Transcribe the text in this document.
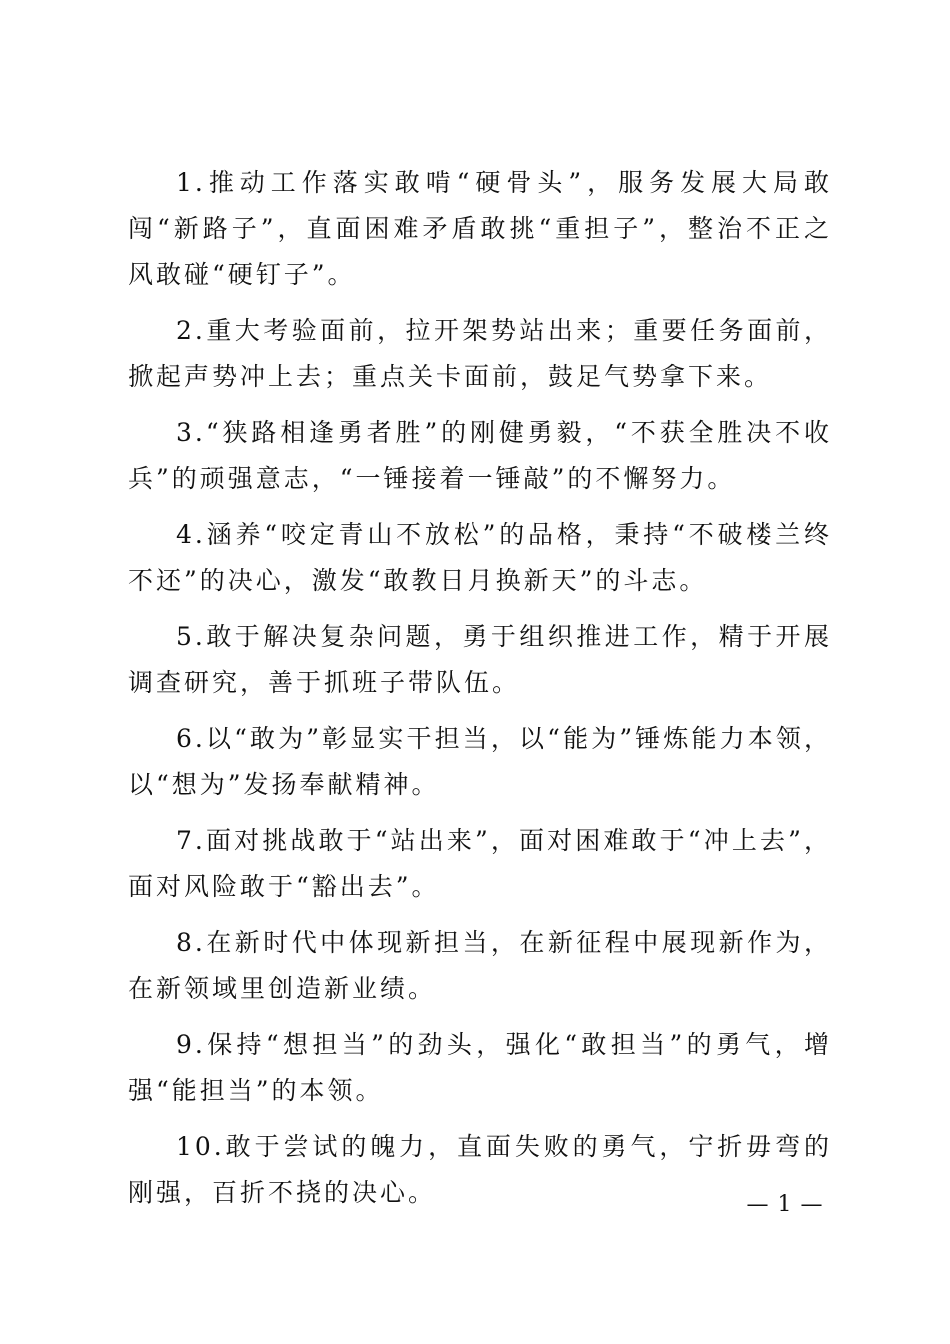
1.推动工作落实敢啃“硬骨头”，服务发展大局敢闯“新路子”，直面困难矛盾敢挑“重担子”，整治不正之风敢碰“硬钉子”。

2.重大考验面前，拉开架势站出来；重要任务面前，掀起声势冲上去；重点关卡面前，鼓足气势拿下来。

3.“狭路相逢勇者胜”的刚健勇毅，“不获全胜决不收兵”的顽强意志，“一锤接着一锤敲”的不懈努力。

4.涵养“咬定青山不放松”的品格，秉持“不破楼兰终不还”的决心，激发“敢教日月换新天”的斗志。

5.敢于解决复杂问题，勇于组织推进工作，精于开展调查研究，善于抓班子带队伍。

6.以“敢为”彰显实干担当，以“能为”锤炼能力本领，以“想为”发扬奉献精神。

7.面对挑战敢于“站出来”，面对困难敢于“冲上去”，面对风险敢于“豁出去”。

8.在新时代中体现新担当，在新征程中展现新作为，在新领域里创造新业绩。

9.保持“想担当”的劲头，强化“敢担当”的勇气，增强“能担当”的本领。

10.敢于尝试的魄力，直面失败的勇气，宁折毋弯的刚强，百折不挠的决心。	— 1 —
